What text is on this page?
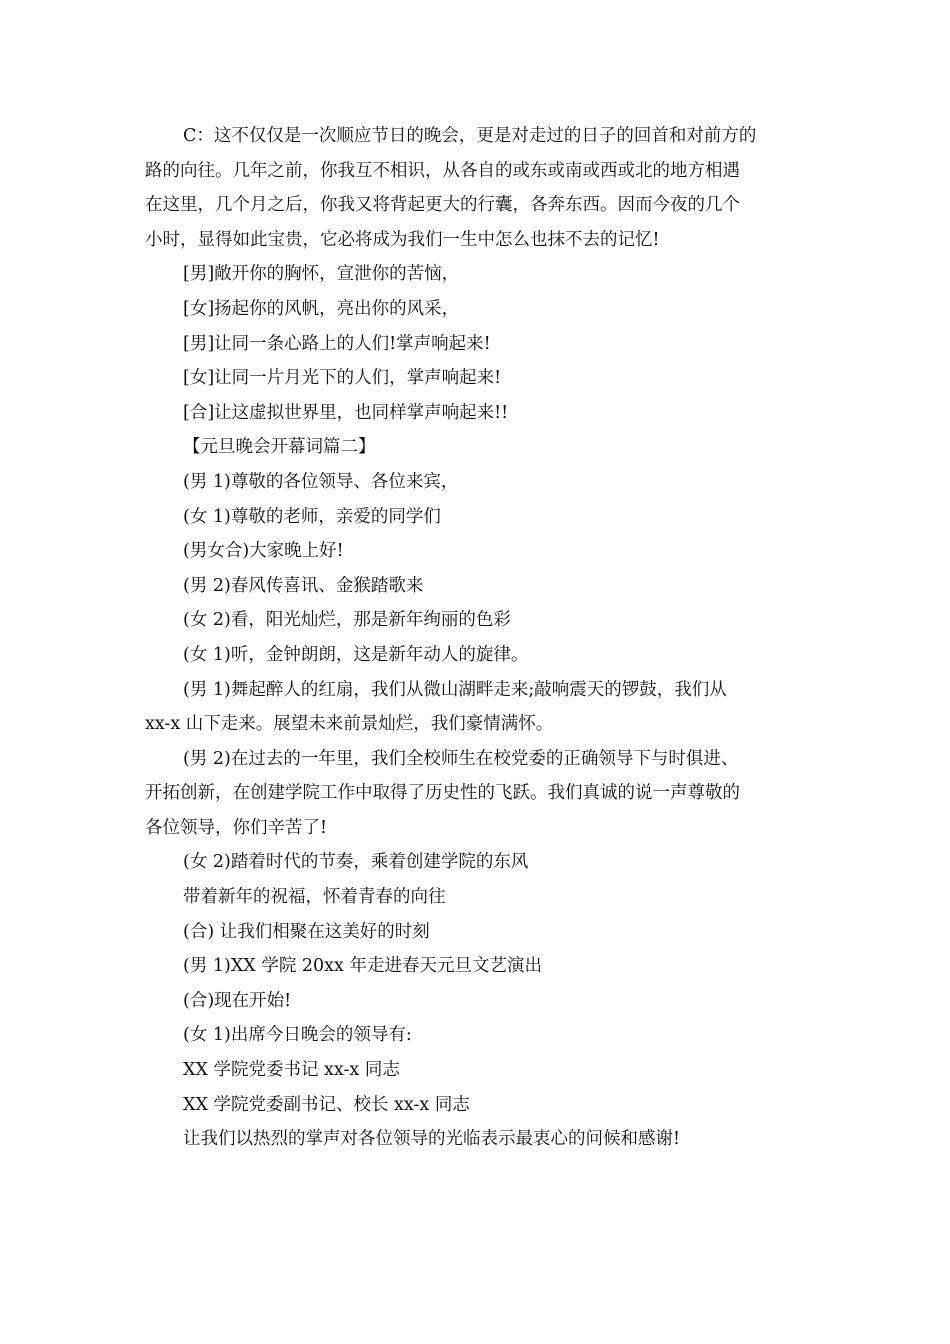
C：这不仅仅是一次顺应节日的晚会，更是对走过的日子的回首和对前方的
路的向往。几年之前，你我互不相识，从各自的或东或南或西或北的地方相遇
在这里，几个月之后，你我又将背起更大的行囊，各奔东西。因而今夜的几个
小时，显得如此宝贵，它必将成为我们一生中怎么也抹不去的记忆!
[男]敞开你的胸怀，宣泄你的苦恼，
[女]扬起你的风帆，亮出你的风采，
[男]让同一条心路上的人们!掌声响起来!
[女]让同一片月光下的人们，掌声响起来!
[合]让这虚拟世界里，也同样掌声响起来!!
【元旦晚会开幕词篇二】
(男 1)尊敬的各位领导、各位来宾，
(女 1)尊敬的老师，亲爱的同学们
(男女合)大家晚上好!
(男 2)春风传喜讯、金猴踏歌来
(女 2)看，阳光灿烂，那是新年绚丽的色彩
(女 1)听，金钟朗朗，这是新年动人的旋律。
(男 1)舞起醉人的红扇，我们从微山湖畔走来;敲响震天的锣鼓，我们从
xx-x 山下走来。展望未来前景灿烂，我们豪情满怀。
(男 2)在过去的一年里，我们全校师生在校党委的正确领导下与时俱进、
开拓创新，在创建学院工作中取得了历史性的飞跃。我们真诚的说一声尊敬的
各位领导，你们辛苦了!
(女 2)踏着时代的节奏，乘着创建学院的东风
带着新年的祝福，怀着青春的向往
(合) 让我们相聚在这美好的时刻
(男 1)XX 学院 20xx 年走进春天元旦文艺演出
(合)现在开始!
(女 1)出席今日晚会的领导有:
XX 学院党委书记 xx-x 同志
XX 学院党委副书记、校长 xx-x 同志
让我们以热烈的掌声对各位领导的光临表示最衷心的问候和感谢!
